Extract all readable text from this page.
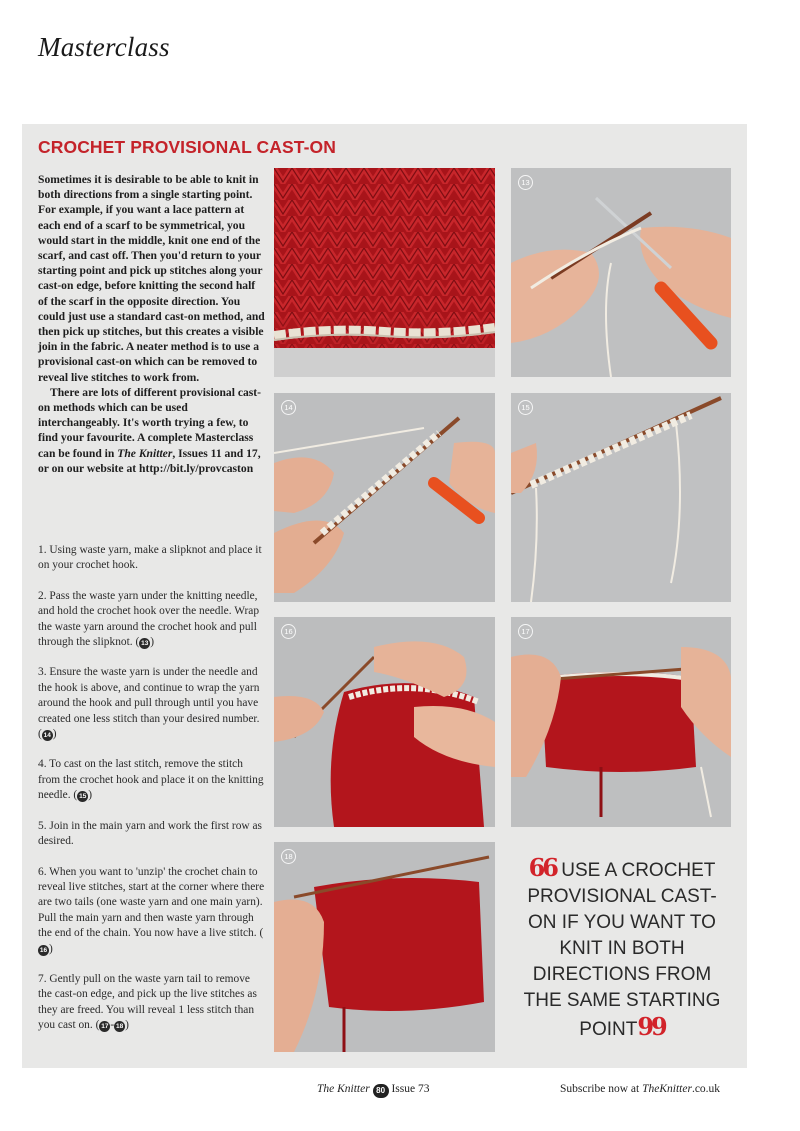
Masterclass
CROCHET PROVISIONAL CAST-ON

Sometimes it is desirable to be able to knit in both directions from a single starting point. For example, if you want a lace pattern at each end of a scarf to be symmetrical, you would start in the middle, knit one end of the scarf, and cast off. Then you'd return to your starting point and pick up stitches along your cast-on edge, before knitting the second half of the scarf in the opposite direction. You could just use a standard cast-on method, and then pick up stitches, but this creates a visible join in the fabric. A neater method is to use a provisional cast-on which can be removed to reveal live stitches to work from.

There are lots of different provisional cast-on methods which can be used interchangeably. It's worth trying a few, to find your favourite. A complete Masterclass can be found in The Knitter, Issues 11 and 17, or on our website at http://bit.ly/provcaston

1. Using waste yarn, make a slipknot and place it on your crochet hook.

2. Pass the waste yarn under the knitting needle, and hold the crochet hook over the needle. Wrap the waste yarn around the crochet hook and pull through the slipknot. ( 13 )

3. Ensure the waste yarn is under the needle and the hook is above, and continue to wrap the yarn around the hook and pull through until you have created one less stitch than your desired number. ( 14 )

4. To cast on the last stitch, remove the stitch from the crochet hook and place it on the knitting needle. ( 15 )

5. Join in the main yarn and work the first row as desired.

6. When you want to 'unzip' the crochet chain to reveal live stitches, start at the corner where there are two tails (one waste yarn and one main yarn). Pull the main yarn and then waste yarn through the end of the chain. You now have a live stitch. (16 )

7. Gently pull on the waste yarn tail to remove the cast-on edge, and pick up the live stitches as they are freed. You will reveal 1 less stitch than you cast on. ( 17 - 18 )

13
14	15
16	17
18	66 USE A CROCHET PROVISIONAL CAST-ON IF YOU WANT TO KNIT IN BOTH DIRECTIONS FROM THE SAME STARTING POINT99
The Knitter 80 Issue 73	Subscribe now at TheKnitter.co.uk
